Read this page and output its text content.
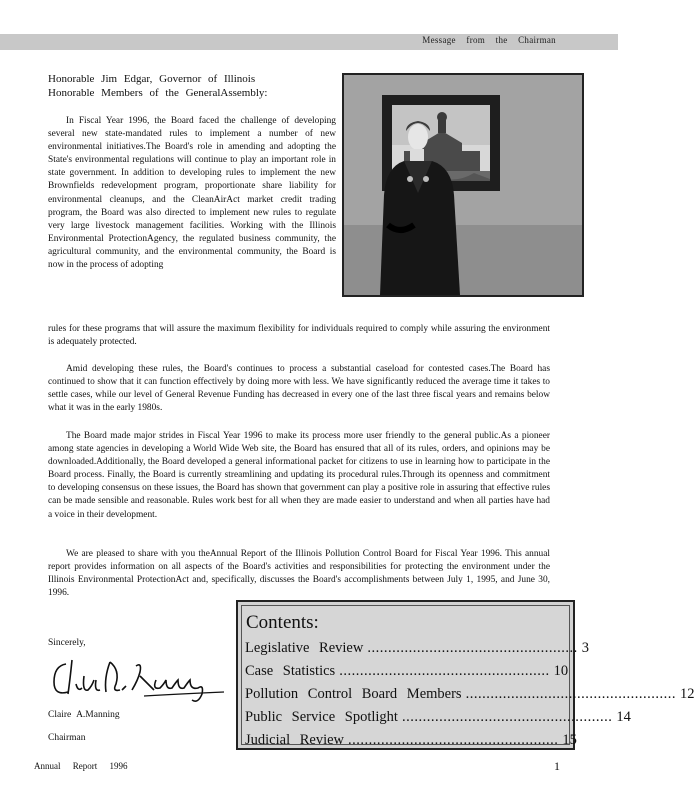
Message from the Chairman
Honorable Jim Edgar, Governor of Illinois
Honorable Members of the GeneralAssembly:

In Fiscal Year 1996, the Board faced the challenge of developing several new state-mandated rules to implement a number of new environmental initiatives.The Board's role in amending and adopting the State's environmental regulations will continue to play an important role in state government. In addition to developing rules to implement the new Brownfields redevelopment program, proportionate share liability for environmental cleanups, and the CleanAirAct market credit trading program, the Board was also directed to implement new rules to regulate very large livestock management facilities. Working with the Illinois Environmental ProtectionAgency, the regulated business community, the agricultural community, and the environmental community, the Board is now in the process of adopting

rules for these programs that will assure the maximum flexibility for individuals required to comply while assuring the environment is adequately protected.

Amid developing these rules, the Board's continues to process a substantial caseload for contested cases.The Board has continued to show that it can function effectively by doing more with less. We have significantly reduced the average time it takes to settle cases, while our level of General Revenue Funding has decreased in every one of the last three fiscal years and remains below what it was in the early 1980s.

The Board made major strides in Fiscal Year 1996 to make its process more user friendly to the general public.As a pioneer among state agencies in developing a World Wide Web site, the Board has ensured that all of its rules, orders, and opinions may be downloaded.Additionally, the Board developed a general informational packet for citizens to use in learning how to participate in the Board process. Finally, the Board is currently streamlining and updating its procedural rules.Through its openness and commitment to developing consensus on these issues, the Board has shown that government can play a positive role in assuring that effective rules can be made sensible and reasonable. Rules work best for all when they are made easier to understand and when all parties have had a voice in their development.

We are pleased to share with you theAnnual Report of the Illinois Pollution Control Board for Fiscal Year 1996. This annual report provides information on all aspects of the Board's activities and responsibilities for protecting the environment under the Illinois Environmental ProtectionAct and, specifically, discusses the Board's accomplishments between July 1, 1995, and June 30, 1996.

Sincerely,
Claire A.Manning
Chairman
Contents:
Legislative Review ................................................... 3
Case Statistics ................................................... 10
Pollution Control Board Members ................................................... 12
Public Service Spotlight ................................................... 14
Judicial Review ................................................... 15
Annual Report 1996	1
